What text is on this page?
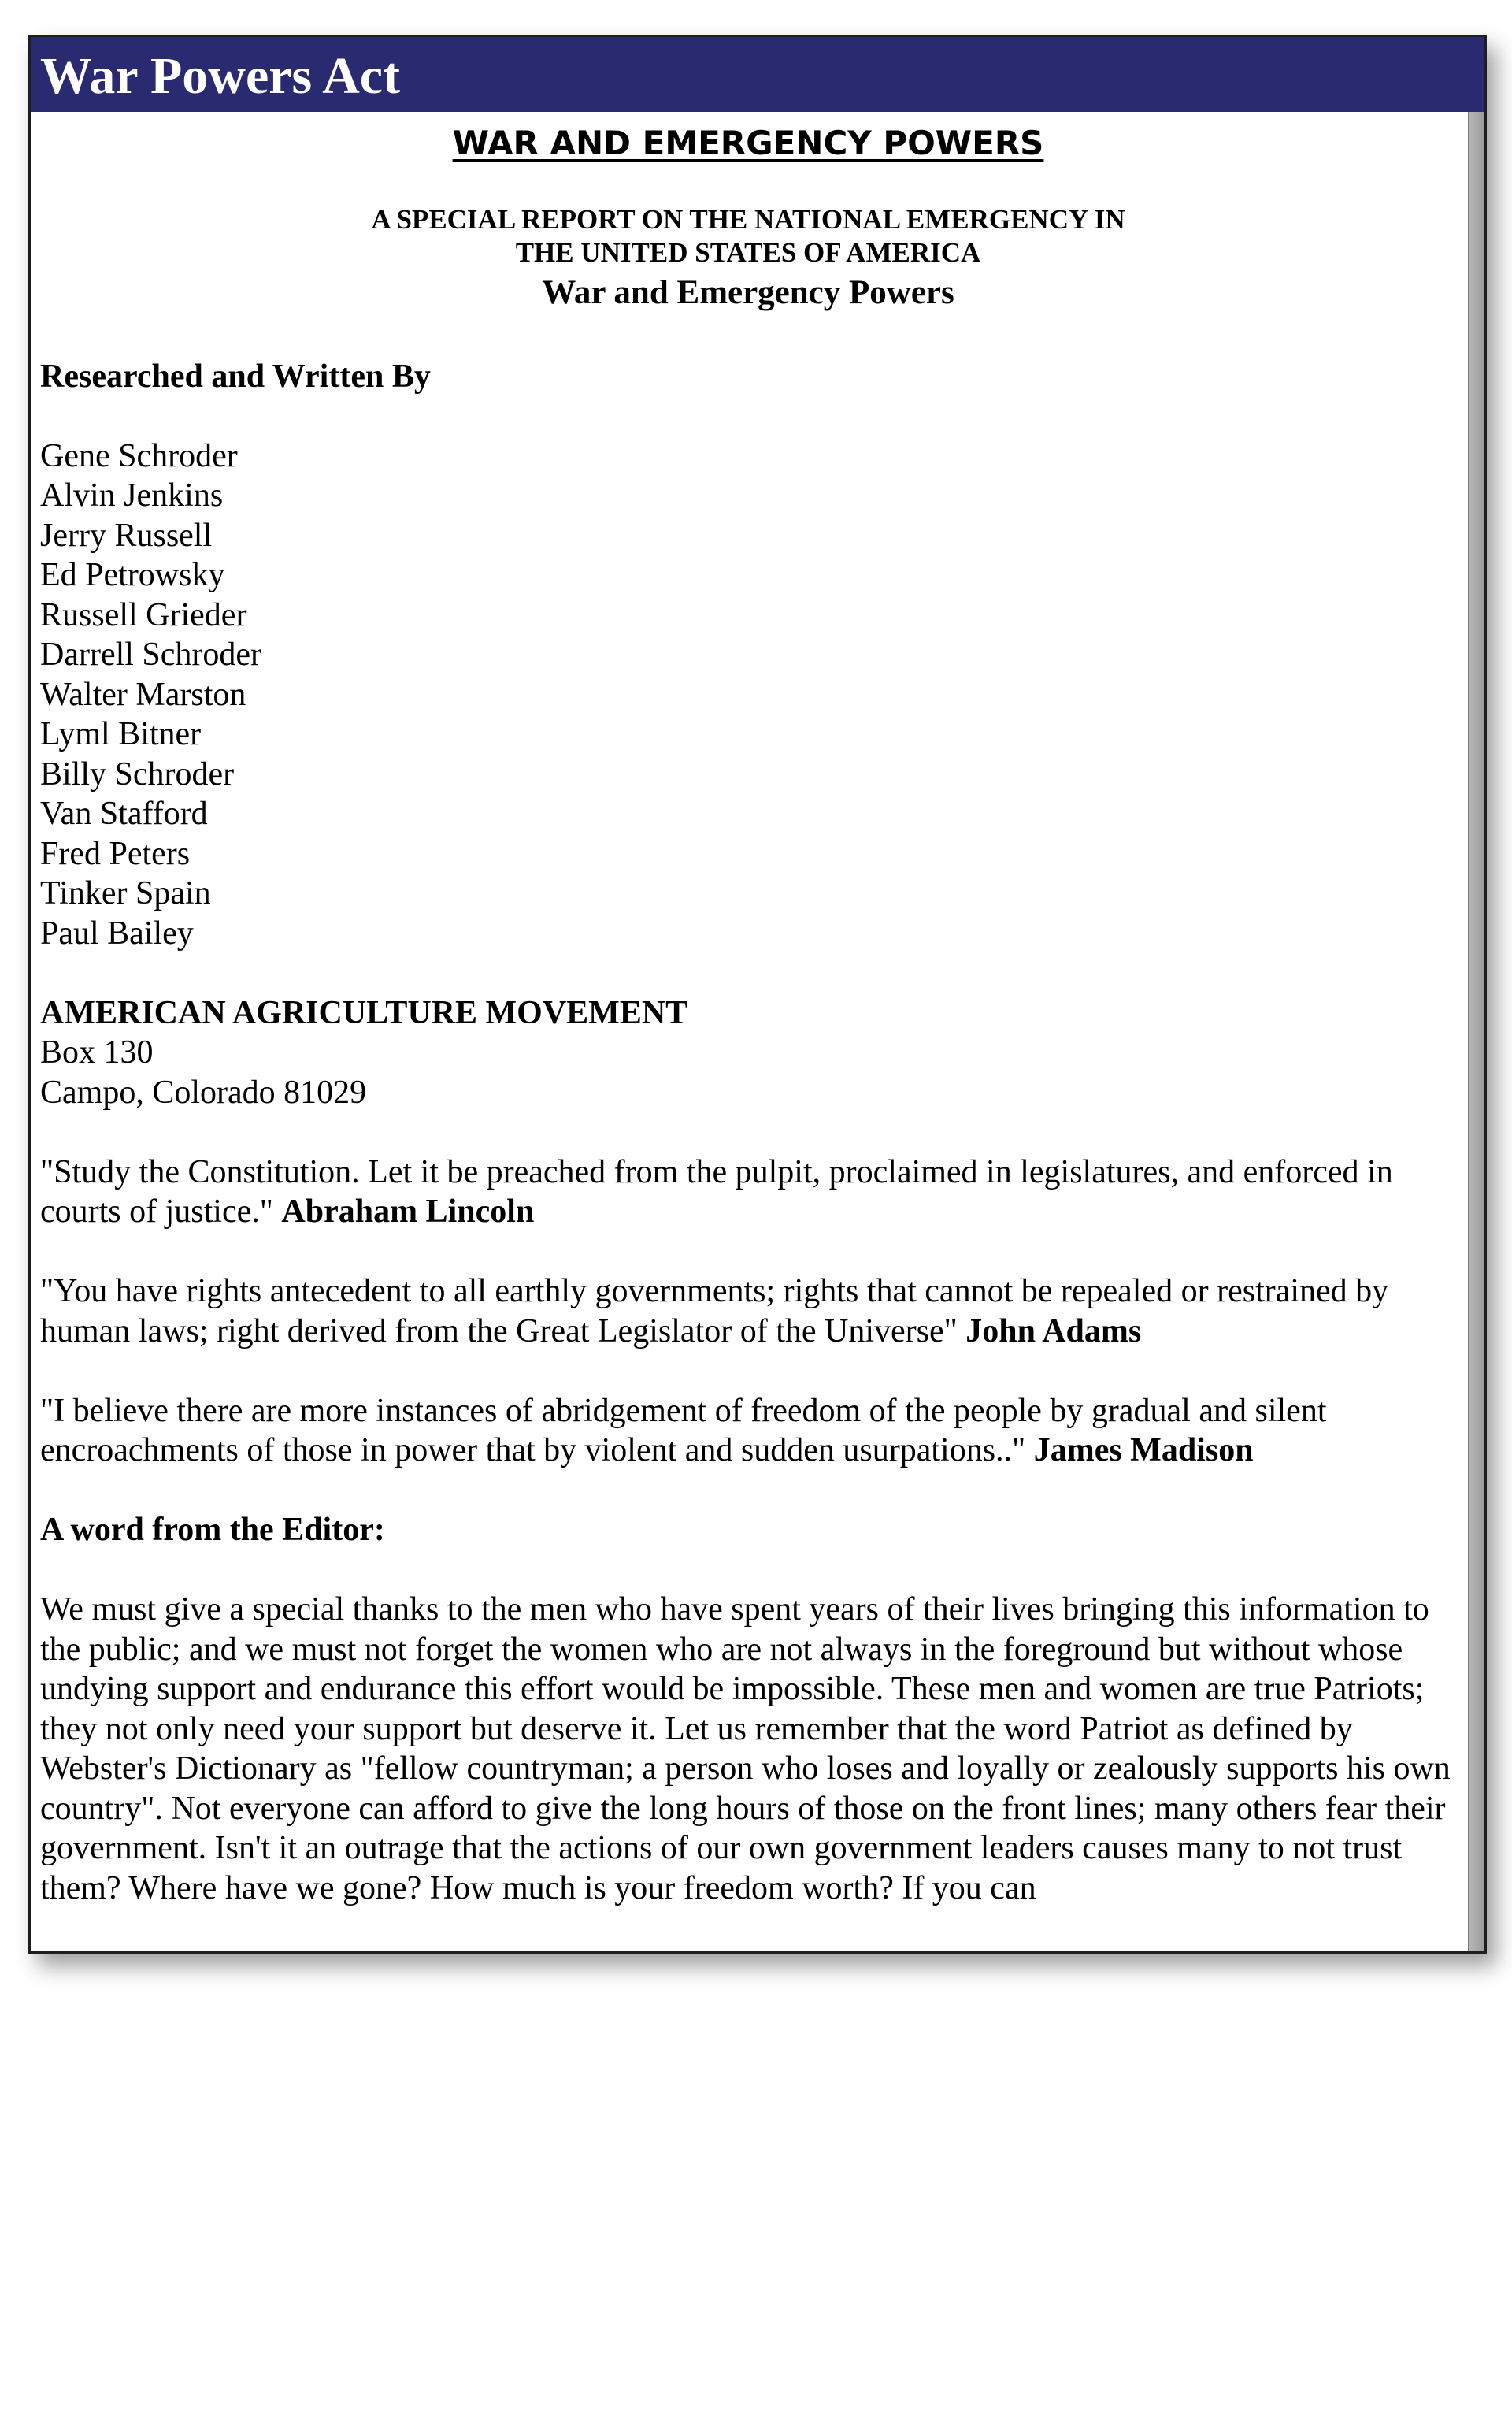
War Powers Act
WAR AND EMERGENCY POWERS
A SPECIAL REPORT ON THE NATIONAL EMERGENCY IN
THE UNITED STATES OF AMERICA
War and Emergency Powers
Researched and Written By
Gene Schroder
Alvin Jenkins
Jerry Russell
Ed Petrowsky
Russell Grieder
Darrell Schroder
Walter Marston
Lyml Bitner
Billy Schroder
Van Stafford
Fred Peters
Tinker Spain
Paul Bailey
AMERICAN AGRICULTURE MOVEMENT
Box 130
Campo, Colorado 81029
"Study the Constitution. Let it be preached from the pulpit, proclaimed in legislatures, and enforced in courts of justice." Abraham Lincoln
"You have rights antecedent to all earthly governments; rights that cannot be repealed or restrained by human laws; right derived from the Great Legislator of the Universe" John Adams
"I believe there are more instances of abridgement of freedom of the people by gradual and silent encroachments of those in power that by violent and sudden usurpations.." James Madison
A word from the Editor:
We must give a special thanks to the men who have spent years of their lives bringing this information to the public; and we must not forget the women who are not always in the foreground but without whose undying support and endurance this effort would be impossible. These men and women are true Patriots; they not only need your support but deserve it. Let us remember that the word Patriot as defined by Webster's Dictionary as "fellow countryman; a person who loses and loyally or zealously supports his own country". Not everyone can afford to give the long hours of those on the front lines; many others fear their government. Isn't it an outrage that the actions of our own government leaders causes many to not trust them? Where have we gone? How much is your freedom worth? If you can
